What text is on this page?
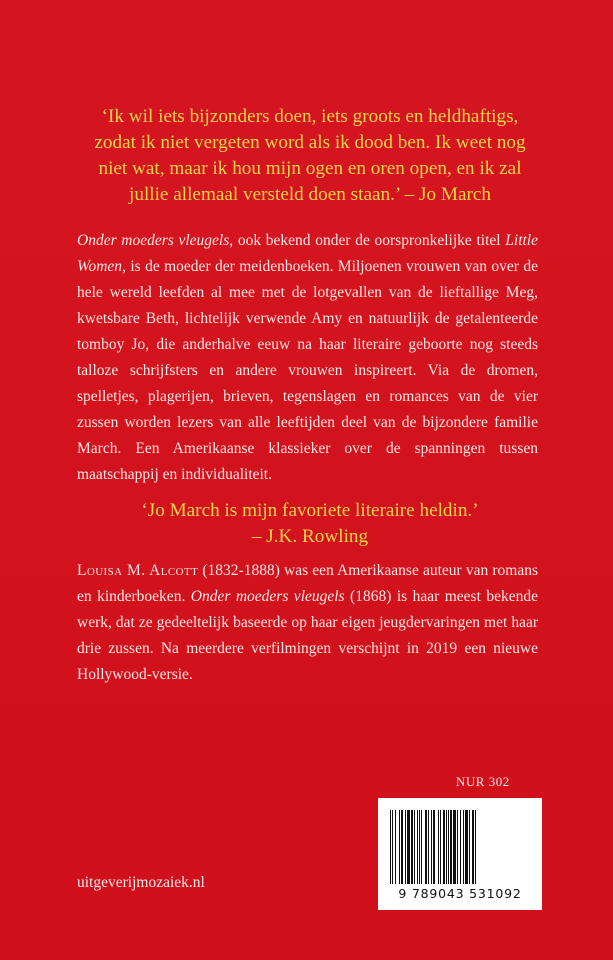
‘Ik wil iets bijzonders doen, iets groots en heldhaftigs,
zodat ik niet vergeten word als ik dood ben. Ik weet nog
niet wat, maar ik hou mijn ogen en oren open, en ik zal
jullie allemaal versteld doen staan.’ – Jo March

Onder moeders vleugels, ook bekend onder de oorspronkelijke titel Little Women, is de moeder der meidenboeken. Miljoenen vrouwen van over de hele wereld leefden al mee met de lotgevallen van de lieftallige Meg, kwetsbare Beth, lichtelijk verwende Amy en natuurlijk de getalenteerde tomboy Jo, die anderhalve eeuw na haar literaire geboorte nog steeds talloze schrijfsters en andere vrouwen inspireert. Via de dromen, spelletjes, plagerijen, brieven, tegenslagen en romances van de vier zussen worden lezers van alle leeftijden deel van de bijzondere familie March. Een Amerikaanse klassieker over de spanningen tussen maatschappij en individualiteit.

‘Jo March is mijn favoriete literaire heldin.’
– J.K. Rowling

Louisa M. Alcott (1832-1888) was een Amerikaanse auteur van romans en kinderboeken. Onder moeders vleugels (1868) is haar meest bekende werk, dat ze gedeeltelijk baseerde op haar eigen jeugdervaringen met haar drie zussen. Na meerdere verfilmingen verschijnt in 2019 een nieuwe Hollywood-versie.

NUR 302
9 789043 531092
uitgeverijmozaiek.nl
